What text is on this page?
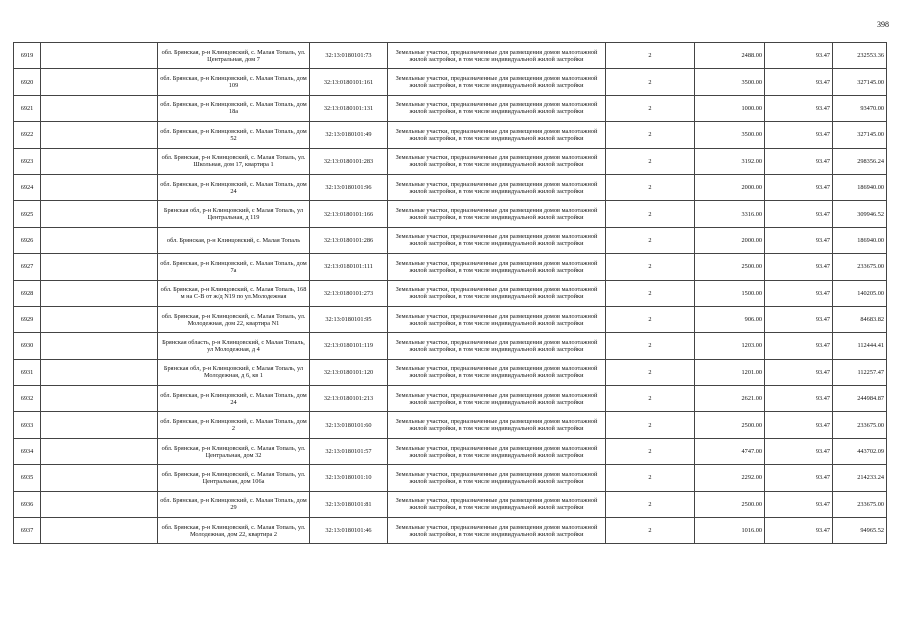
398
6919		обл. Брянская, р-н Клинцовский, с. Малая Топаль, ул. Центральная, дом 7	32:13:0180101:73	Земельные участки, предназначенные для размещения домов малоэтажной жилой застройки, в том числе индивидуальной жилой застройки	2	2488.00	93.47	232553.36
6920		обл. Брянская, р-н Клинцовский, с. Малая Топаль, дом 109	32:13:0180101:161	Земельные участки, предназначенные для размещения домов малоэтажной жилой застройки, в том числе индивидуальной жилой застройки	2	3500.00	93.47	327145.00
6921		обл. Брянская, р-н Клинцовский, с. Малая Топаль, дом 18а	32:13:0180101:131	Земельные участки, предназначенные для размещения домов малоэтажной жилой застройки, в том числе индивидуальной жилой застройки	2	1000.00	93.47	93470.00
6922		обл. Брянская, р-н Клинцовский, с. Малая Топаль, дом 52	32:13:0180101:49	Земельные участки, предназначенные для размещения домов малоэтажной жилой застройки, в том числе индивидуальной жилой застройки	2	3500.00	93.47	327145.00
6923		обл. Брянская, р-н Клинцовский, с. Малая Топаль, ул. Школьная, дом 17, квартира 1	32:13:0180101:283	Земельные участки, предназначенные для размещения домов малоэтажной жилой застройки, в том числе индивидуальной жилой застройки	2	3192.00	93.47	298356.24
6924		обл. Брянская, р-н Клинцовский, с. Малая Топаль, дом 24	32:13:0180101:96	Земельные участки, предназначенные для размещения домов малоэтажной жилой застройки, в том числе индивидуальной жилой застройки	2	2000.00	93.47	186940.00
6925		Брянская обл, р-н Клинцовский, с Малая Топаль, ул Центральная, д 119	32:13:0180101:166	Земельные участки, предназначенные для размещения домов малоэтажной жилой застройки, в том числе индивидуальной жилой застройки	2	3316.00	93.47	309946.52
6926		обл. Брянская, р-н Клинцовский, с. Малая Топаль	32:13:0180101:286	Земельные участки, предназначенные для размещения домов малоэтажной жилой застройки, в том числе индивидуальной жилой застройки	2	2000.00	93.47	186940.00
6927		обл. Брянская, р-н Клинцовский, с. Малая Топаль, дом 7а	32:13:0180101:111	Земельные участки, предназначенные для размещения домов малоэтажной жилой застройки, в том числе индивидуальной жилой застройки	2	2500.00	93.47	233675.00
6928		обл. Брянская, р-н Клинцовский, с. Малая Топаль, 168 м на С-В от ж/д N19 по ул.Молодежная	32:13:0180101:273	Земельные участки, предназначенные для размещения домов малоэтажной жилой застройки, в том числе индивидуальной жилой застройки	2	1500.00	93.47	140205.00
6929		обл. Брянская, р-н Клинцовский, с. Малая Топаль, ул. Молодежная, дом 22, квартира N1	32:13:0180101:95	Земельные участки, предназначенные для размещения домов малоэтажной жилой застройки, в том числе индивидуальной жилой застройки	2	906.00	93.47	84683.82
6930		Брянская область, р-н Клинцовский, с Малая Топаль, ул Молодежная, д 4	32:13:0180101:119	Земельные участки, предназначенные для размещения домов малоэтажной жилой застройки, в том числе индивидуальной жилой застройки	2	1203.00	93.47	112444.41
6931		Брянская обл, р-н Клинцовский, с Малая Топаль, ул Молодежная, д 6, кв 1	32:13:0180101:120	Земельные участки, предназначенные для размещения домов малоэтажной жилой застройки, в том числе индивидуальной жилой застройки	2	1201.00	93.47	112257.47
6932		обл. Брянская, р-н Клинцовский, с. Малая Топаль, дом 24	32:13:0180101:213	Земельные участки, предназначенные для размещения домов малоэтажной жилой застройки, в том числе индивидуальной жилой застройки	2	2621.00	93.47	244984.87
6933		обл. Брянская, р-н Клинцовский, с. Малая Топаль, дом 2	32:13:0180101:60	Земельные участки, предназначенные для размещения домов малоэтажной жилой застройки, в том числе индивидуальной жилой застройки	2	2500.00	93.47	233675.00
6934		обл. Брянская, р-н Клинцовский, с. Малая Топаль, ул. Центральная, дом 32	32:13:0180101:57	Земельные участки, предназначенные для размещения домов малоэтажной жилой застройки, в том числе индивидуальной жилой застройки	2	4747.00	93.47	443702.09
6935		обл. Брянская, р-н Клинцовский, с. Малая Топаль, ул. Центральная, дом 106а	32:13:0180101:10	Земельные участки, предназначенные для размещения домов малоэтажной жилой застройки, в том числе индивидуальной жилой застройки	2	2292.00	93.47	214233.24
6936		обл. Брянская, р-н Клинцовский, с. Малая Топаль, дом 29	32:13:0180101:81	Земельные участки, предназначенные для размещения домов малоэтажной жилой застройки, в том числе индивидуальной жилой застройки	2	2500.00	93.47	233675.00
6937		обл. Брянская, р-н Клинцовский, с. Малая Топаль, ул. Молодежная, дом 22, квартира 2	32:13:0180101:46	Земельные участки, предназначенные для размещения домов малоэтажной жилой застройки, в том числе индивидуальной жилой застройки	2	1016.00	93.47	94965.52
